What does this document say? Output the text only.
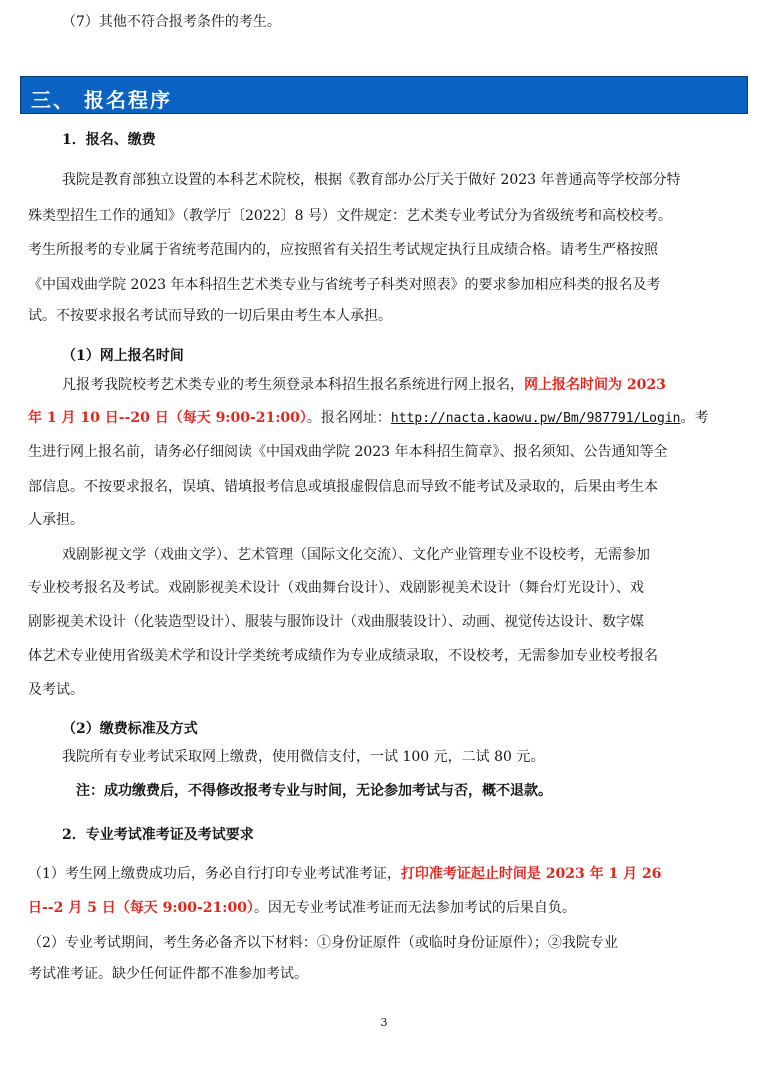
（7）其他不符合报考条件的考生。
三、 报名程序
1．报名、缴费
我院是教育部独立设置的本科艺术院校，根据《教育部办公厅关于做好 2023 年普通高等学校部分特
殊类型招生工作的通知》（教学厅〔2022〕8 号）文件规定：艺术类专业考试分为省级统考和高校校考。
考生所报考的专业属于省统考范围内的，应按照省有关招生考试规定执行且成绩合格。请考生严格按照
《中国戏曲学院 2023 年本科招生艺术类专业与省统考子科类对照表》的要求参加相应科类的报名及考
试。不按要求报名考试而导致的一切后果由考生本人承担。
（1）网上报名时间
凡报考我院校考艺术类专业的考生须登录本科招生报名系统进行网上报名，网上报名时间为 2023
年 1 月 10 日--20 日（每天 9:00-21:00）。报名网址：http://nacta.kaowu.pw/Bm/987791/Login。考
生进行网上报名前，请务必仔细阅读《中国戏曲学院 2023 年本科招生简章》、报名须知、公告通知等全
部信息。不按要求报名，误填、错填报考信息或填报虚假信息而导致不能考试及录取的，后果由考生本
人承担。
戏剧影视文学（戏曲文学）、艺术管理（国际文化交流）、文化产业管理专业不设校考，无需参加
专业校考报名及考试。戏剧影视美术设计（戏曲舞台设计）、戏剧影视美术设计（舞台灯光设计）、戏
剧影视美术设计（化装造型设计）、服装与服饰设计（戏曲服装设计）、动画、视觉传达设计、数字媒
体艺术专业使用省级美术学和设计学类统考成绩作为专业成绩录取，不设校考，无需参加专业校考报名
及考试。
（2）缴费标准及方式
我院所有专业考试采取网上缴费，使用微信支付，一试 100 元，二试 80 元。
注：成功缴费后，不得修改报考专业与时间，无论参加考试与否，概不退款。
2．专业考试准考证及考试要求
（1）考生网上缴费成功后，务必自行打印专业考试准考证，打印准考证起止时间是 2023 年 1 月 26
日--2 月 5 日（每天 9:00-21:00）。因无专业考试准考证而无法参加考试的后果自负。
（2）专业考试期间，考生务必备齐以下材料：①身份证原件（或临时身份证原件）；②我院专业
考试准考证。缺少任何证件都不准参加考试。
3
